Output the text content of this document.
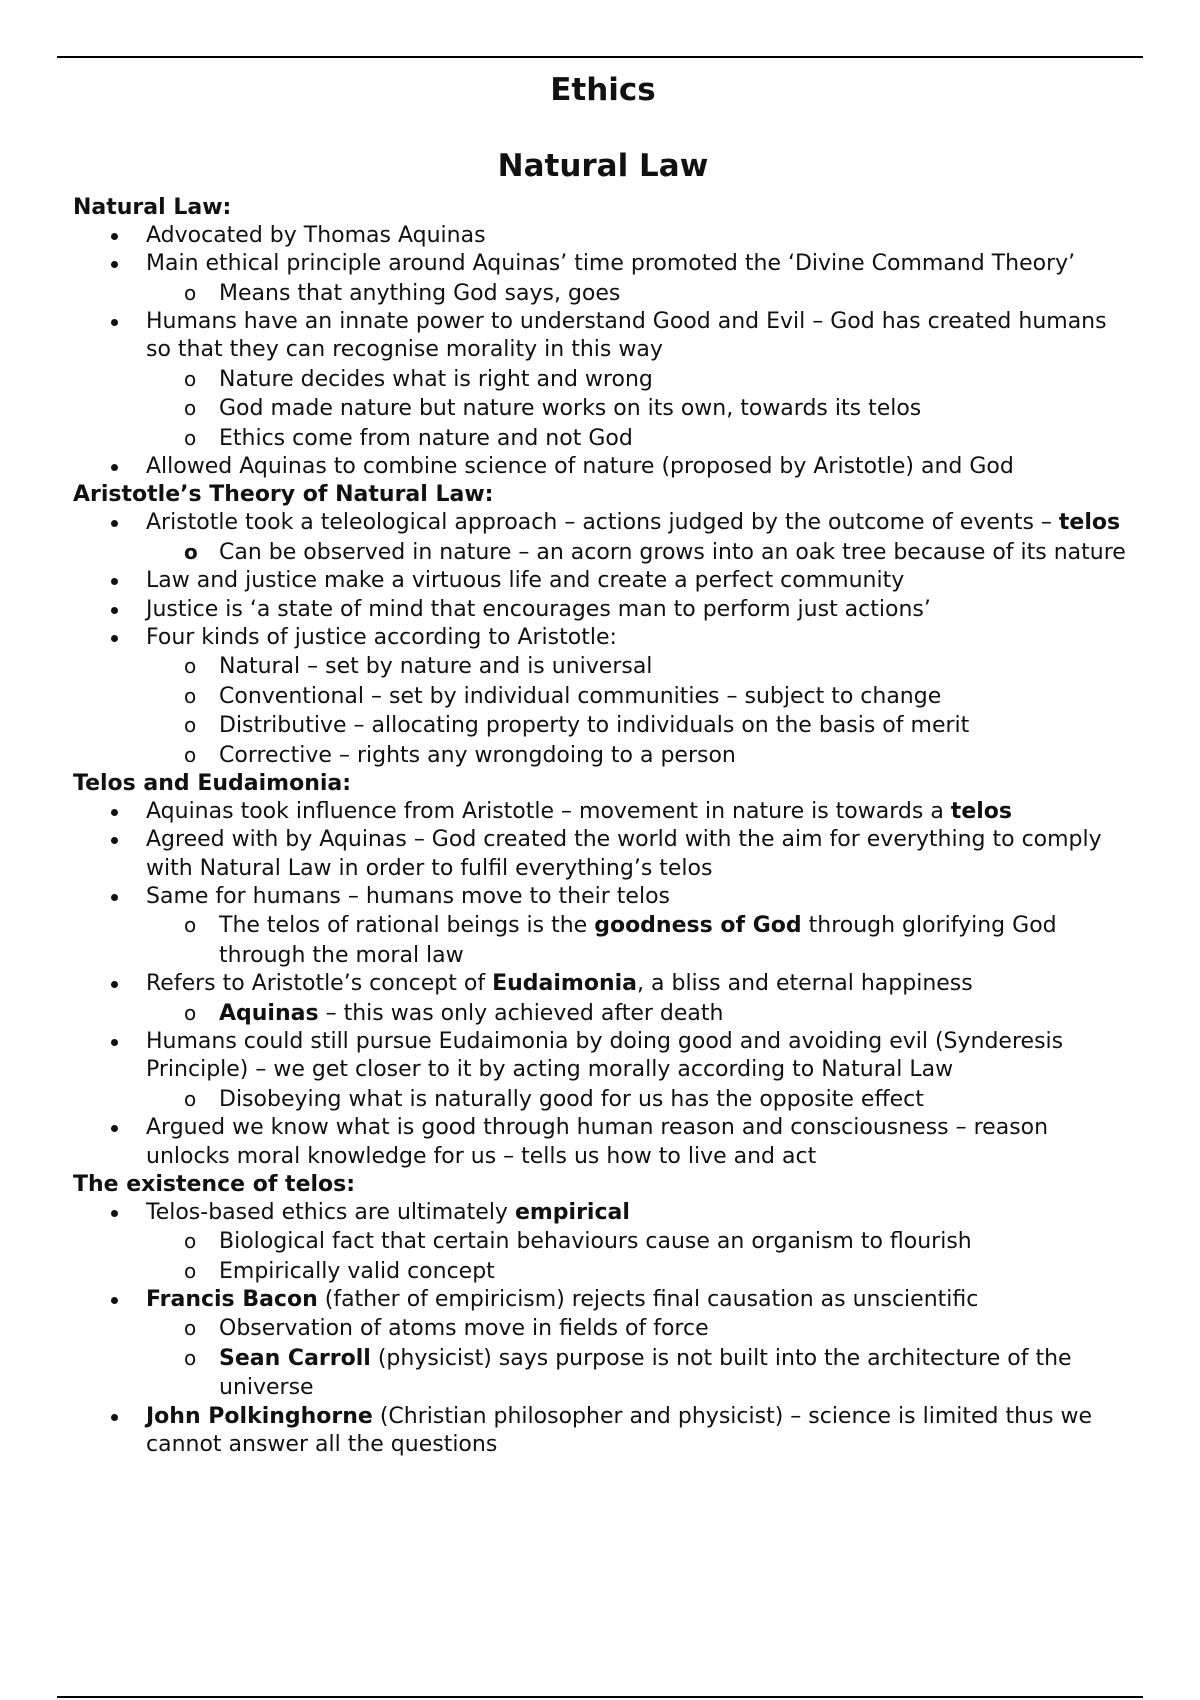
Ethics
Natural Law

Natural Law:

Advocated by Thomas Aquinas
Main ethical principle around Aquinas’ time promoted the ‘Divine Command Theory’
o Means that anything God says, goes
Humans have an innate power to understand Good and Evil – God has created humans so that they can recognise morality in this way
o Nature decides what is right and wrong
o God made nature but nature works on its own, towards its telos
o Ethics come from nature and not God
Allowed Aquinas to combine science of nature (proposed by Aristotle) and God

Aristotle’s Theory of Natural Law:

Aristotle took a teleological approach – actions judged by the outcome of events – telos
o Can be observed in nature – an acorn grows into an oak tree because of its nature
Law and justice make a virtuous life and create a perfect community
Justice is ‘a state of mind that encourages man to perform just actions’
Four kinds of justice according to Aristotle:
o Natural – set by nature and is universal
o Conventional – set by individual communities – subject to change
o Distributive – allocating property to individuals on the basis of merit
o Corrective – rights any wrongdoing to a person

Telos and Eudaimonia:

Aquinas took influence from Aristotle – movement in nature is towards a telos
Agreed with by Aquinas – God created the world with the aim for everything to comply with Natural Law in order to fulfil everything’s telos
Same for humans – humans move to their telos
o The telos of rational beings is the goodness of God through glorifying God through the moral law
Refers to Aristotle’s concept of Eudaimonia, a bliss and eternal happiness
o Aquinas – this was only achieved after death
Humans could still pursue Eudaimonia by doing good and avoiding evil (Synderesis Principle) – we get closer to it by acting morally according to Natural Law
o Disobeying what is naturally good for us has the opposite effect
Argued we know what is good through human reason and consciousness – reason unlocks moral knowledge for us – tells us how to live and act

The existence of telos:

Telos-based ethics are ultimately empirical
o Biological fact that certain behaviours cause an organism to flourish
o Empirically valid concept
Francis Bacon (father of empiricism) rejects final causation as unscientific
o Observation of atoms move in fields of force
o Sean Carroll (physicist) says purpose is not built into the architecture of the universe
John Polkinghorne (Christian philosopher and physicist) – science is limited thus we cannot answer all the questions
